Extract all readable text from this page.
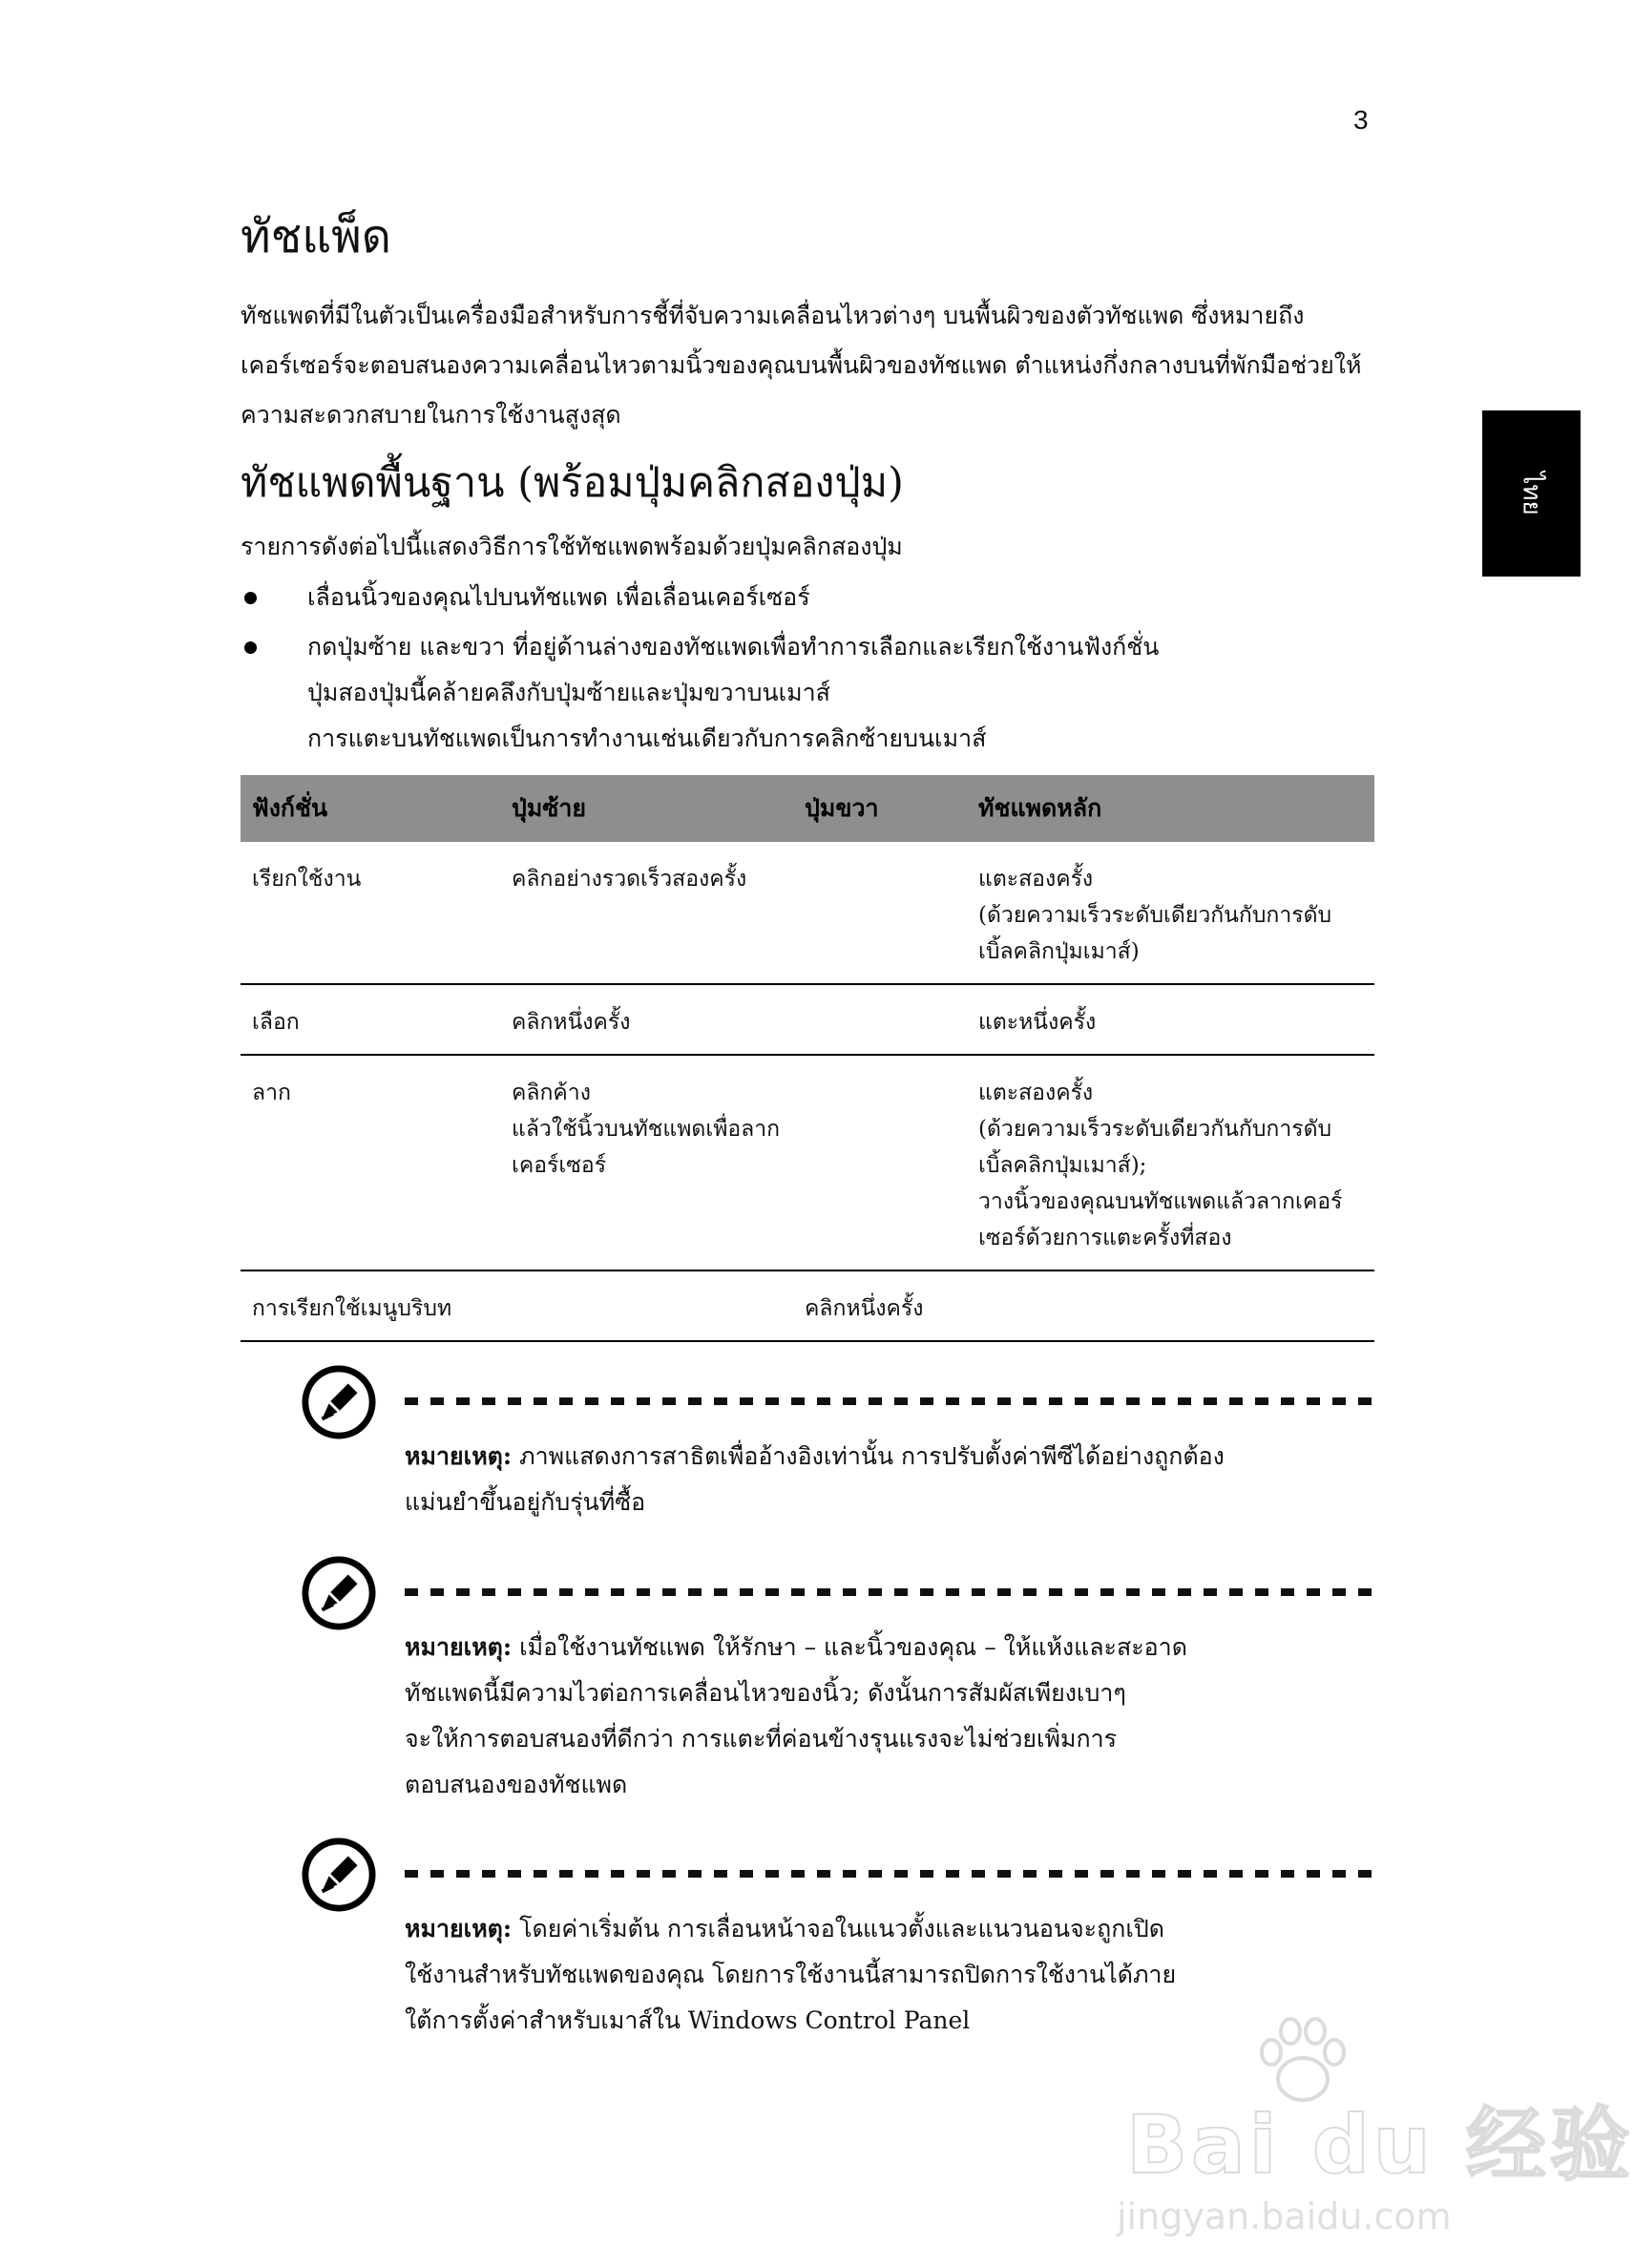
3
ไทย
ทัชแพ็ด

ทัชแพดที่มีในตัวเป็นเครื่องมือสำหรับการชี้ที่จับความเคลื่อนไหวต่างๆ บนพื้นผิวของตัวทัชแพด ซึ่งหมายถึงเคอร์เซอร์จะตอบสนองความเคลื่อนไหวตามนิ้วของคุณบนพื้นผิวของทัชแพด ตำแหน่งกึ่งกลางบนที่พักมือช่วยให้ความสะดวกสบายในการใช้งานสูงสุด

ทัชแพดพื้นฐาน (พร้อมปุ่มคลิกสองปุ่ม)

รายการดังต่อไปนี้แสดงวิธีการใช้ทัชแพดพร้อมด้วยปุ่มคลิกสองปุ่ม

เลื่อนนิ้วของคุณไปบนทัชแพด เพื่อเลื่อนเคอร์เซอร์
กดปุ่มซ้าย และขวา ที่อยู่ด้านล่างของทัชแพดเพื่อทำการเลือกและเรียกใช้งานฟังก์ชั่น
ปุ่มสองปุ่มนี้คล้ายคลึงกับปุ่มซ้ายและปุ่มขวาบนเมาส์
การแตะบนทัชแพดเป็นการทำงานเช่นเดียวกับการคลิกซ้ายบนเมาส์
ฟังก์ชั่น	ปุ่มซ้าย	ปุ่มขวา	ทัชแพดหลัก

เรียกใช้งาน	คลิกอย่างรวดเร็วสองครั้ง		แตะสองครั้ง
(ด้วยความเร็วระดับเดียวกันกับการดับ
เบิ้ลคลิกปุ่มเมาส์)

เลือก	คลิกหนึ่งครั้ง		แตะหนึ่งครั้ง

ลาก	คลิกค้าง
แล้วใช้นิ้วบนทัชแพดเพื่อลาก
เคอร์เซอร์		แตะสองครั้ง
(ด้วยความเร็วระดับเดียวกันกับการดับ
เบิ้ลคลิกปุ่มเมาส์);
วางนิ้วของคุณบนทัชแพดแล้วลากเคอร์
เซอร์ด้วยการแตะครั้งที่สอง

การเรียกใช้เมนูบริบท		คลิกหนึ่งครั้ง	

หมายเหตุ: ภาพแสดงการสาธิตเพื่ออ้างอิงเท่านั้น การปรับตั้งค่าพีซีได้อย่างถูกต้อง
แม่นยำขึ้นอยู่กับรุ่นที่ซื้อ
หมายเหตุ: เมื่อใช้งานทัชแพด ให้รักษา – และนิ้วของคุณ – ให้แห้งและสะอาด
ทัชแพดนี้มีความไวต่อการเคลื่อนไหวของนิ้ว; ดังนั้นการสัมผัสเพียงเบาๆ
จะให้การตอบสนองที่ดีกว่า การแตะที่ค่อนข้างรุนแรงจะไม่ช่วยเพิ่มการ
ตอบสนองของทัชแพด
หมายเหตุ: โดยค่าเริ่มต้น การเลื่อนหน้าจอในแนวตั้งและแนวนอนจะถูกเปิด
ใช้งานสำหรับทัชแพดของคุณ โดยการใช้งานนี้สามารถปิดการใช้งานได้ภาย
ใต้การตั้งค่าสำหรับเมาส์ใน Windows Control Panel
Bai du 经验
jingyan.baidu.com
